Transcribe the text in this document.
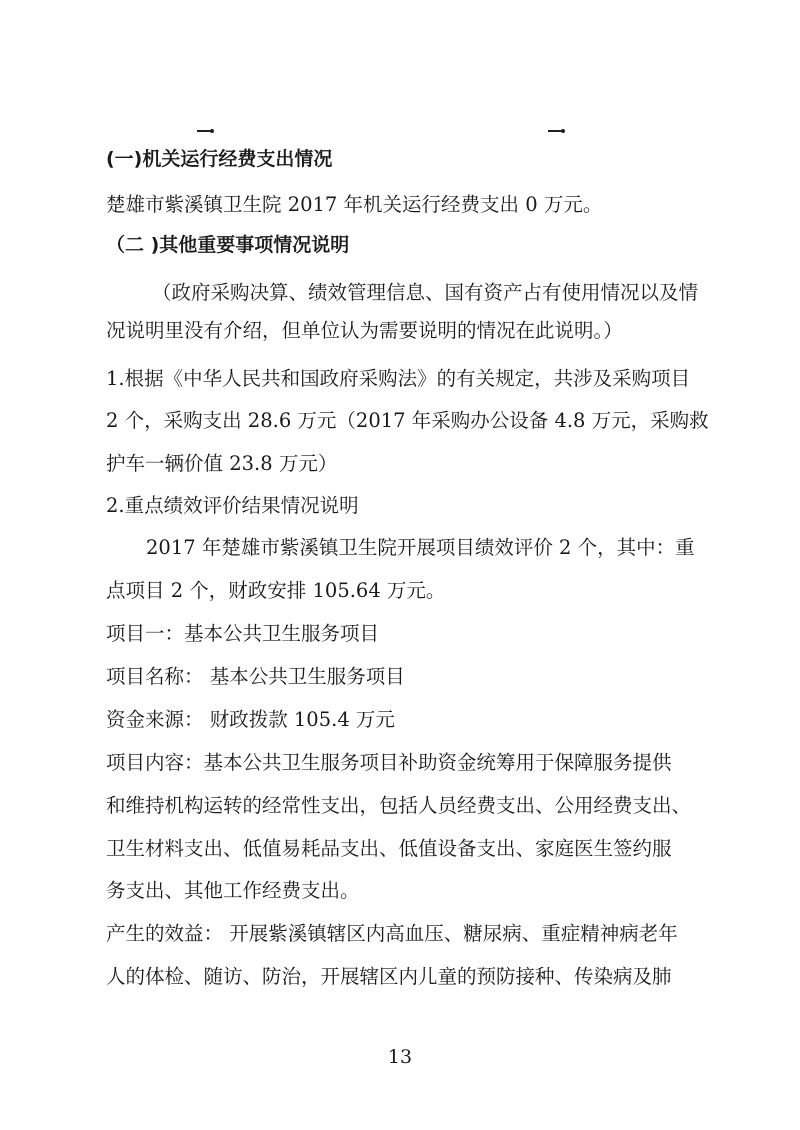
(一)机关运行经费支出情况
楚雄市紫溪镇卫生院 2017 年机关运行经费支出 0 万元。
（二 )其他重要事项情况说明
（政府采购决算、绩效管理信息、国有资产占有使用情况以及情
况说明里没有介绍，但单位认为需要说明的情况在此说明。）
1.根据《中华人民共和国政府采购法》的有关规定，共涉及采购项目
2 个，采购支出 28.6 万元（2017 年采购办公设备 4.8 万元，采购救
护车一辆价值 23.8 万元）
2.重点绩效评价结果情况说明
2017 年楚雄市紫溪镇卫生院开展项目绩效评价 2 个，其中：重
点项目 2 个，财政安排 105.64 万元。
项目一：基本公共卫生服务项目
项目名称： 基本公共卫生服务项目
资金来源： 财政拨款 105.4 万元
项目内容：基本公共卫生服务项目补助资金统筹用于保障服务提供
和维持机构运转的经常性支出，包括人员经费支出、公用经费支出、
卫生材料支出、低值易耗品支出、低值设备支出、家庭医生签约服
务支出、其他工作经费支出。
产生的效益： 开展紫溪镇辖区内高血压、糖尿病、重症精神病老年
人的体检、随访、防治，开展辖区内儿童的预防接种、传染病及肺
13
